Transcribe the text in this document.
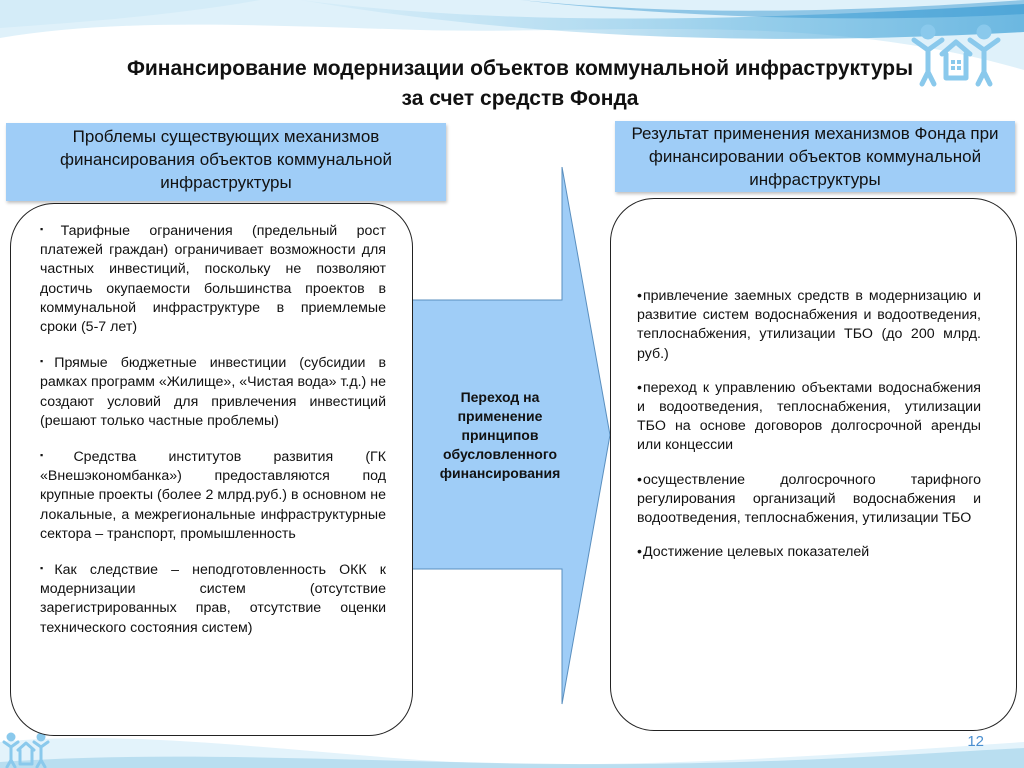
Финансирование модернизации объектов коммунальной инфраструктуры за счет средств Фонда
Проблемы существующих механизмов финансирования объектов коммунальной инфраструктуры
Результат применения механизмов Фонда при финансировании объектов коммунальной инфраструктуры
Переход на применение принципов обусловленного финансирования
▪ Тарифные ограничения (предельный рост платежей граждан) ограничивает возможности для частных инвестиций, поскольку не позволяют достичь окупаемости большинства проектов в коммунальной инфраструктуре в приемлемые сроки (5-7 лет)
▪ Прямые бюджетные инвестиции (субсидии в рамках программ «Жилище», «Чистая вода» т.д.) не создают условий для привлечения инвестиций (решают только частные проблемы)
▪ Средства институтов развития (ГК «Внешэкономбанка») предоставляются под крупные проекты (более 2 млрд.руб.) в основном не локальные, а межрегиональные инфраструктурные сектора – транспорт, промышленность
▪ Как следствие – неподготовленность ОКК к модернизации систем (отсутствие зарегистрированных прав, отсутствие оценки технического состояния систем)
•привлечение заемных средств в модернизацию и развитие систем водоснабжения и водоотведения, теплоснабжения, утилизации ТБО (до 200 млрд. руб.)
•переход к управлению объектами водоснабжения и водоотведения, теплоснабжения, утилизации ТБО на основе договоров долгосрочной аренды или концессии
•осуществление долгосрочного тарифного регулирования организаций водоснабжения и водоотведения, теплоснабжения, утилизации ТБО
•Достижение целевых показателей
12
